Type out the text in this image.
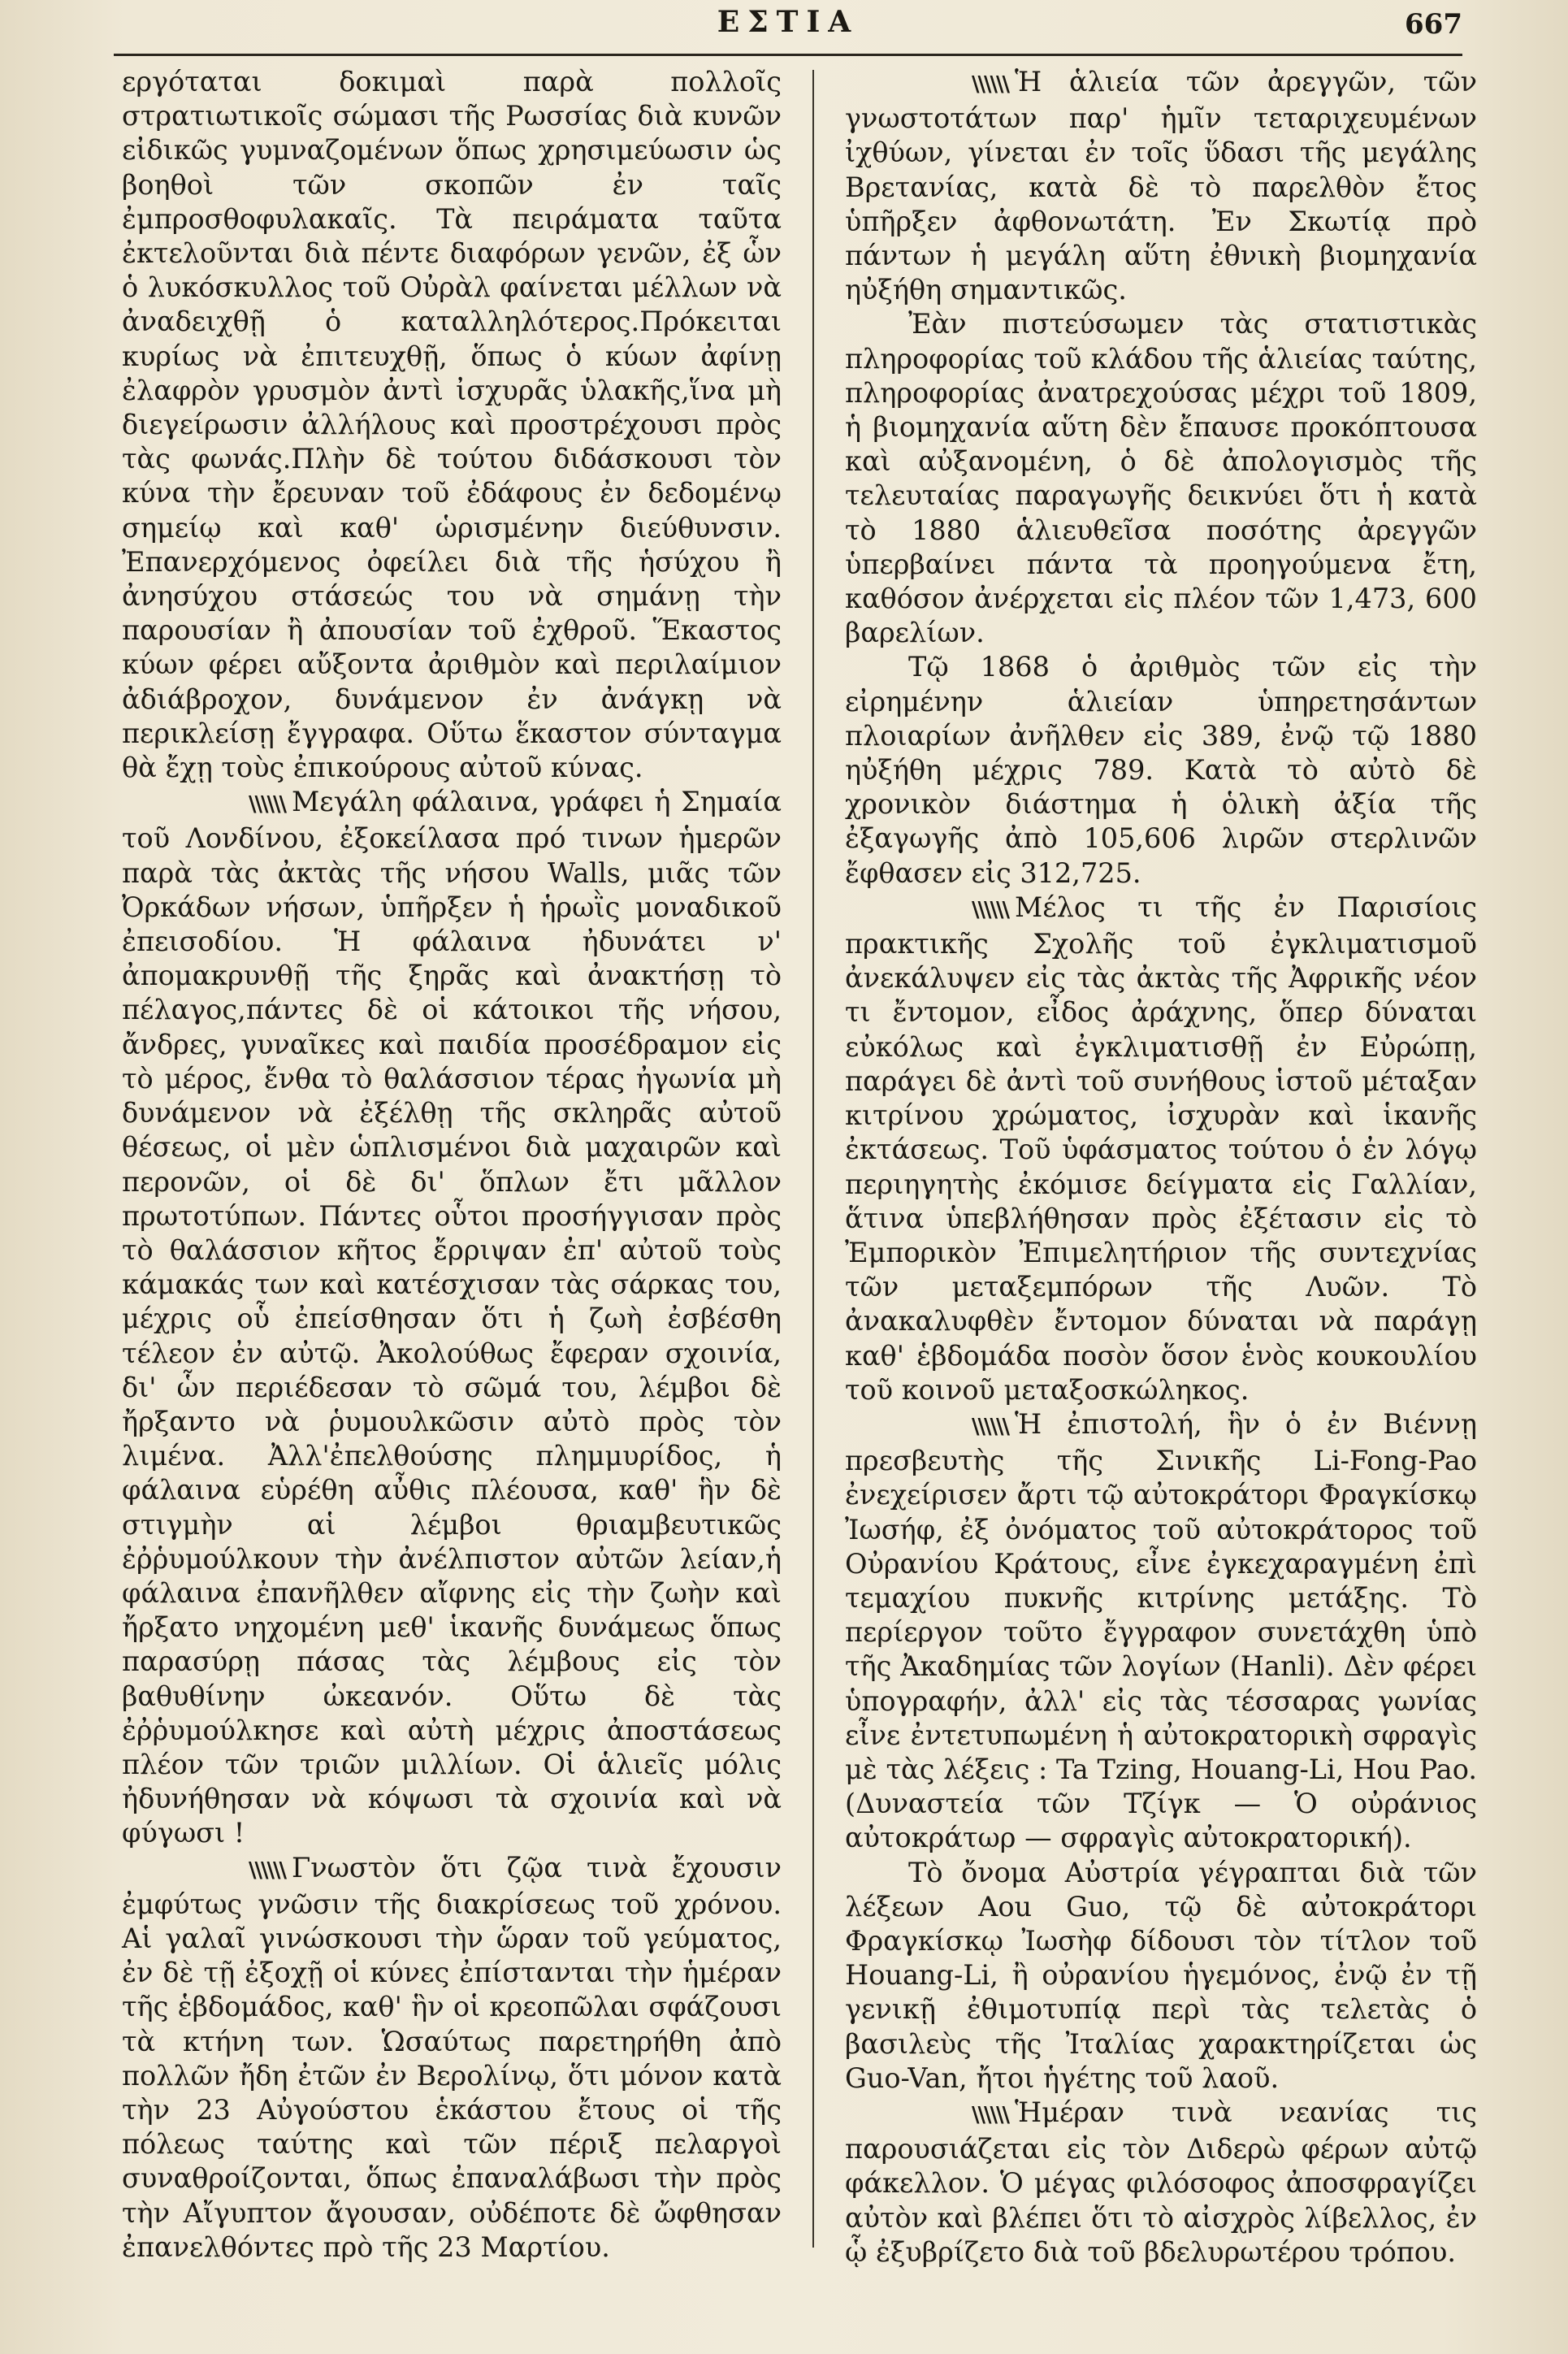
ΕΣΤΙΑ	667

εργόταται δοκιμαὶ παρὰ πολλοῖς στρατιωτικοῖς σώμασι τῆς Ρωσσίας διὰ κυνῶν εἰδικῶς γυμναζομένων ὅπως χρησιμεύωσιν ὡς βοηθοὶ τῶν σκοπῶν ἐν ταῖς ἐμπροσθοφυλακαῖς. Τὰ πειράματα ταῦτα ἐκτελοῦνται διὰ πέντε διαφόρων γενῶν, ἐξ ὧν ὁ λυκόσκυλλος τοῦ Οὐρὰλ φαίνεται μέλλων νὰ ἀναδειχθῇ ὁ καταλληλότερος.Πρόκειται κυρίως νὰ ἐπιτευχθῇ, ὅπως ὁ κύων ἀφίνῃ ἐλαφρὸν γρυσμὸν ἀντὶ ἰσχυρᾶς ὑλακῆς,ἵνα μὴ διεγείρωσιν ἀλλήλους καὶ προστρέχουσι πρὸς τὰς φωνάς.Πλὴν δὲ τούτου διδάσκουσι τὸν κύνα τὴν ἔρευναν τοῦ ἐδάφους ἐν δεδομένῳ σημείῳ καὶ καθ' ὡρισμένην διεύθυνσιν. Ἐπανερχόμενος ὀφείλει διὰ τῆς ἡσύχου ἢ ἀνησύχου στάσεώς του νὰ σημάνῃ τὴν παρουσίαν ἢ ἀπουσίαν τοῦ ἐχθροῦ. Ἕκαστος κύων φέρει αὔξοντα ἀριθμὸν καὶ περιλαίμιον ἀδιάβροχον, δυνάμενον ἐν ἀνάγκῃ νὰ περικλείσῃ ἔγγραφα. Οὕτω ἕκαστον σύνταγμα θὰ ἔχῃ τοὺς ἐπικούρους αὐτοῦ κύνας.

\\\\\\ Μεγάλη φάλαινα, γράφει ἡ Σημαία τοῦ Λονδίνου, ἐξοκείλασα πρό τινων ἡμερῶν παρὰ τὰς ἀκτὰς τῆς νήσου Walls, μιᾶς τῶν Ὀρκάδων νήσων, ὑπῆρξεν ἡ ἡρωῒς μοναδικοῦ ἐπεισοδίου. Ἡ φάλαινα ἠδυνάτει ν' ἀπομακρυνθῇ τῆς ξηρᾶς καὶ ἀνακτήσῃ τὸ πέλαγος,πάντες δὲ οἱ κάτοικοι τῆς νήσου, ἄνδρες, γυναῖκες καὶ παιδία προσέδραμον εἰς τὸ μέρος, ἔνθα τὸ θαλάσσιον τέρας ἠγωνία μὴ δυνάμενον νὰ ἐξέλθῃ τῆς σκληρᾶς αὐτοῦ θέσεως, οἱ μὲν ὡπλισμένοι διὰ μαχαιρῶν καὶ περονῶν, οἱ δὲ δι' ὅπλων ἔτι μᾶλλον πρωτοτύπων. Πάντες οὗτοι προσήγγισαν πρὸς τὸ θαλάσσιον κῆτος ἔρριψαν ἐπ' αὐτοῦ τοὺς κάμακάς των καὶ κατέσχισαν τὰς σάρκας του, μέχρις οὗ ἐπείσθησαν ὅτι ἡ ζωὴ ἐσβέσθη τέλεον ἐν αὐτῷ. Ἀκολούθως ἔφεραν σχοινία, δι' ὧν περιέδεσαν τὸ σῶμά του, λέμβοι δὲ ἤρξαντο νὰ ῥυμουλκῶσιν αὐτὸ πρὸς τὸν λιμένα. Ἀλλ'ἐπελθούσης πλημμυρίδος, ἡ φάλαινα εὑρέθη αὖθις πλέουσα, καθ' ἣν δὲ στιγμὴν αἱ λέμβοι θριαμβευτικῶς ἐῤῥυμούλκουν τὴν ἀνέλπιστον αὐτῶν λείαν,ἡ φάλαινα ἐπανῆλθεν αἴφνης εἰς τὴν ζωὴν καὶ ἤρξατο νηχομένη μεθ' ἱκανῆς δυνάμεως ὅπως παρασύρῃ πάσας τὰς λέμβους εἰς τὸν βαθυθίνην ὠκεανόν. Οὕτω δὲ τὰς ἐῤῥυμούλκησε καὶ αὐτὴ μέχρις ἀποστάσεως πλέον τῶν τριῶν μιλλίων. Οἱ ἁλιεῖς μόλις ἠδυνήθησαν νὰ κόψωσι τὰ σχοινία καὶ νὰ φύγωσι !

\\\\\\ Γνωστὸν ὅτι ζῷα τινὰ ἔχουσιν ἐμφύτως γνῶσιν τῆς διακρίσεως τοῦ χρόνου. Αἱ γαλαῖ γινώσκουσι τὴν ὥραν τοῦ γεύματος, ἐν δὲ τῇ ἐξοχῇ οἱ κύνες ἐπίστανται τὴν ἡμέραν τῆς ἑβδομάδος, καθ' ἣν οἱ κρεοπῶλαι σφάζουσι τὰ κτήνη των. Ὡσαύτως παρετηρήθη ἀπὸ πολλῶν ἤδη ἐτῶν ἐν Βερολίνῳ, ὅτι μόνον κατὰ τὴν 23 Αὐγούστου ἑκάστου ἔτους οἱ τῆς πόλεως ταύτης καὶ τῶν πέριξ πελαργοὶ συναθροίζονται, ὅπως ἐπαναλάβωσι τὴν πρὸς τὴν Αἴγυπτον ἄγουσαν, οὐδέποτε δὲ ὤφθησαν ἐπανελθόντες πρὸ τῆς 23 Μαρτίου.

\\\\\\ Ἡ ἁλιεία τῶν ἀρεγγῶν, τῶν γνωστοτάτων παρ' ἡμῖν τεταριχευμένων ἰχθύων, γίνεται ἐν τοῖς ὕδασι τῆς μεγάλης Βρετανίας, κατὰ δὲ τὸ παρελθὸν ἔτος ὑπῆρξεν ἀφθονωτάτη. Ἐν Σκωτίᾳ πρὸ πάντων ἡ μεγάλη αὕτη ἐθνικὴ βιομηχανία ηὐξήθη σημαντικῶς.

Ἐὰν πιστεύσωμεν τὰς στατιστικὰς πληροφορίας τοῦ κλάδου τῆς ἁλιείας ταύτης, πληροφορίας ἀνατρεχούσας μέχρι τοῦ 1809, ἡ βιομηχανία αὕτη δὲν ἔπαυσε προκόπτουσα καὶ αὐξανομένη, ὁ δὲ ἀπολογισμὸς τῆς τελευταίας παραγωγῆς δεικνύει ὅτι ἡ κατὰ τὸ 1880 ἁλιευθεῖσα ποσότης ἀρεγγῶν ὑπερβαίνει πάντα τὰ προηγούμενα ἔτη, καθόσον ἀνέρχεται εἰς πλέον τῶν 1,473, 600 βαρελίων.

Τῷ 1868 ὁ ἀριθμὸς τῶν εἰς τὴν εἰρημένην ἁλιείαν ὑπηρετησάντων πλοιαρίων ἀνῆλθεν εἰς 389, ἐνῷ τῷ 1880 ηὐξήθη μέχρις 789. Κατὰ τὸ αὐτὸ δὲ χρονικὸν διάστημα ἡ ὁλικὴ ἀξία τῆς ἐξαγωγῆς ἀπὸ 105,606 λιρῶν στερλινῶν ἔφθασεν εἰς 312,725.

\\\\\\ Μέλος τι τῆς ἐν Παρισίοις πρακτικῆς Σχολῆς τοῦ ἐγκλιματισμοῦ ἀνεκάλυψεν εἰς τὰς ἀκτὰς τῆς Ἀφρικῆς νέον τι ἔντομον, εἶδος ἀράχνης, ὅπερ δύναται εὐκόλως καὶ ἐγκλιματισθῇ ἐν Εὐρώπῃ, παράγει δὲ ἀντὶ τοῦ συνήθους ἱστοῦ μέταξαν κιτρίνου χρώματος, ἰσχυρὰν καὶ ἱκανῆς ἐκτάσεως. Τοῦ ὑφάσματος τούτου ὁ ἐν λόγῳ περιηγητὴς ἐκόμισε δείγματα εἰς Γαλλίαν, ἅτινα ὑπεβλήθησαν πρὸς ἐξέτασιν εἰς τὸ Ἐμπορικὸν Ἐπιμελητήριον τῆς συντεχνίας τῶν μεταξεμπόρων τῆς Λυῶν. Τὸ ἀνακαλυφθὲν ἔντομον δύναται νὰ παράγῃ καθ' ἑβδομάδα ποσὸν ὅσον ἑνὸς κουκουλίου τοῦ κοινοῦ μεταξοσκώληκος.

\\\\\\ Ἡ ἐπιστολή, ἣν ὁ ἐν Βιέννῃ πρεσβευτὴς τῆς Σινικῆς Li-Fong-Pao ἐνεχείρισεν ἄρτι τῷ αὐτοκράτορι Φραγκίσκῳ Ἰωσήφ, ἐξ ὀνόματος τοῦ αὐτοκράτορος τοῦ Οὐρανίου Κράτους, εἶνε ἐγκεχαραγμένη ἐπὶ τεμαχίου πυκνῆς κιτρίνης μετάξης. Τὸ περίεργον τοῦτο ἔγγραφον συνετάχθη ὑπὸ τῆς Ἀκαδημίας τῶν λογίων (Hanli). Δὲν φέρει ὑπογραφήν, ἀλλ' εἰς τὰς τέσσαρας γωνίας εἶνε ἐντετυπωμένη ἡ αὐτοκρατορικὴ σφραγὶς μὲ τὰς λέξεις : Ta Tzing, Houang-Li, Hou Pao. (Δυναστεία τῶν Τζίγκ — Ὁ οὐράνιος αὐτοκράτωρ — σφραγὶς αὐτοκρατορική).

Τὸ ὄνομα Αὐστρία γέγραπται διὰ τῶν λέξεων Aou Guo, τῷ δὲ αὐτοκράτορι Φραγκίσκῳ Ἰωσὴφ δίδουσι τὸν τίτλον τοῦ Houang-Li, ἢ οὐρανίου ἡγεμόνος, ἐνῷ ἐν τῇ γενικῇ ἐθιμοτυπίᾳ περὶ τὰς τελετὰς ὁ βασιλεὺς τῆς Ἰταλίας χαρακτηρίζεται ὡς Guo-Van, ἤτοι ἡγέτης τοῦ λαοῦ.

\\\\\\ Ἡμέραν τινὰ νεανίας τις παρουσιάζεται εἰς τὸν Διδερὼ φέρων αὐτῷ φάκελλον. Ὁ μέγας φιλόσοφος ἀποσφραγίζει αὐτὸν καὶ βλέπει ὅτι τὸ αἰσχρὸς λίβελλος, ἐν ᾧ ἐξυβρίζετο διὰ τοῦ βδελυρωτέρου τρόπου.
